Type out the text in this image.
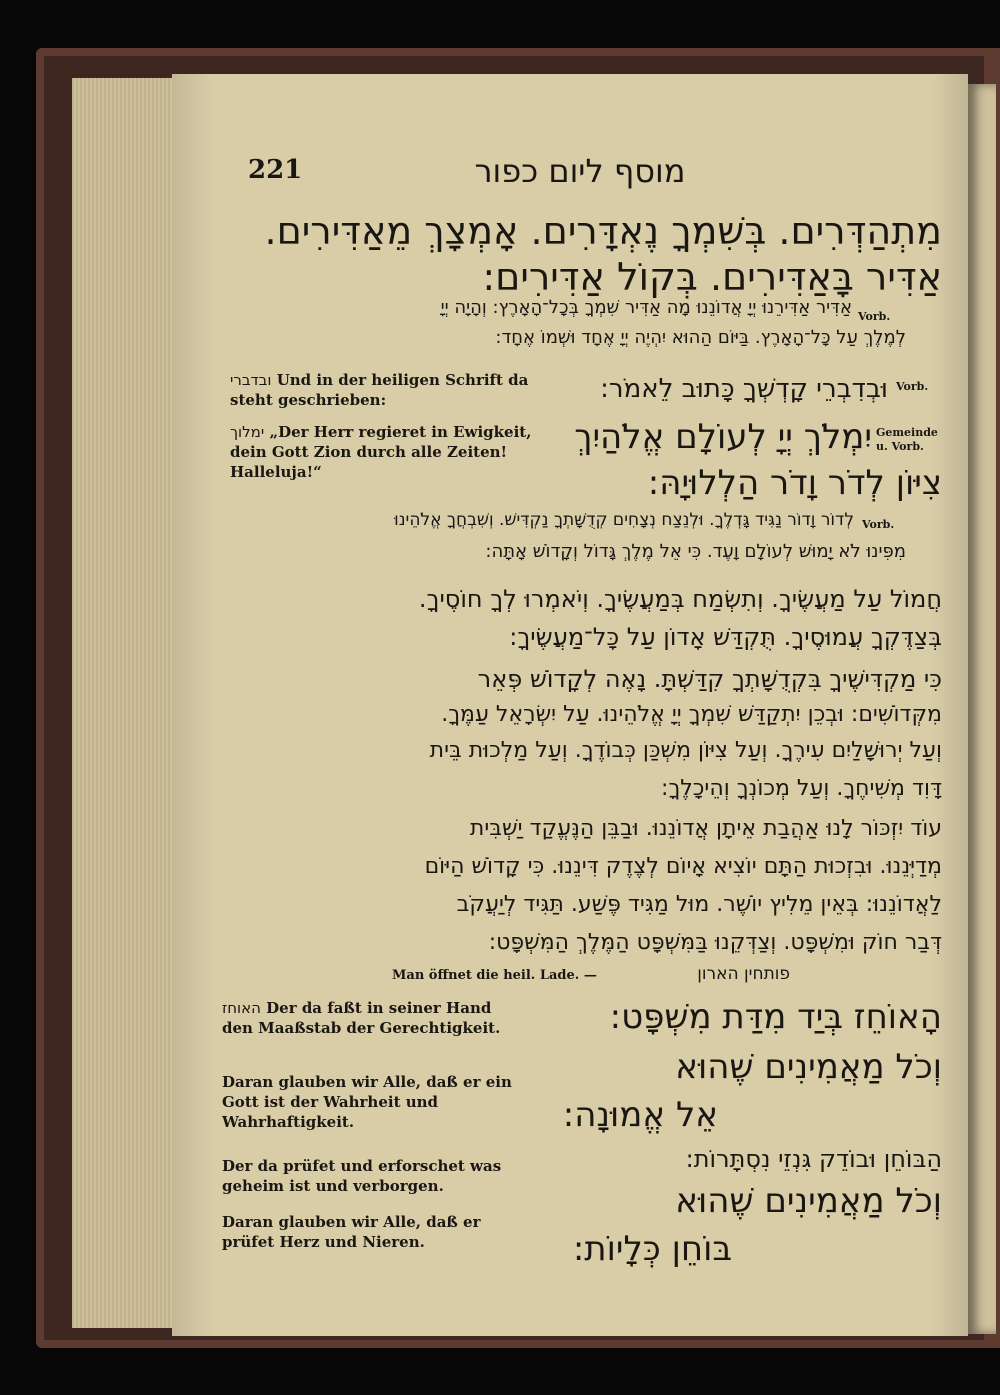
221	מוסף ליום כפור
מִתְהַדְּרִים. בְּשִׁמְךָ נֶאְדָּרִים. אָמְצָךְ מֵאַדִּירִים.
אַדִּיר בָּאַדִּירִים. בְּקוֹל אַדִּירִים:
Vorb.
אַדִּיר אַדִּירֵנוּ יְיָ אֲדוֹנֵנוּ מָה אַדִּיר שִׁמְךָ בְּכָל־הָאָרֶץ: וְהָיָה יְיָ
לְמֶלֶךְ עַל כָּל־הָאָרֶץ. בַּיּוֹם הַהוּא יִהְיֶה יְיָ אֶחָד וּשְׁמוֹ אֶחָד:
Vorb.
וּבְדִבְרֵי קָדְשְׁךָ כָּתוּב לֵאמֹר:
ובדברי Und in der heiligen Schrift da steht geschrieben:
Gemeinde
u. Vorb.
יִמְלֹךְ יְיָ לְעוֹלָם אֱלֹהַיִךְ
ימלוך „Der Herr regieret in Ewigkeit, dein Gott Zion durch alle Zeiten! Halleluja!“	צִיּוֹן לְדֹר וָדֹר הַלְלוּיָהּ:
Vorb.
לְדוֹר וָדוֹר נַגִּיד גָּדְלֶךָ. וּלְנֵצַח נְצָחִים קְדֻשָּׁתְךָ נַקְדִּישׁ. וְשִׁבְחֲךָ אֱלֹהֵינוּ
מִפִּינוּ לֹא יָמוּשׁ לְעוֹלָם וָעֶד. כִּי אֵל מֶלֶךְ גָּדוֹל וְקָדוֹשׁ אָתָּה:
חֲמוֹל עַל מַעֲשֶׂיךָ. וְתִשְׂמַח בְּמַעֲשֶׂיךָ. וְיֹאמְרוּ לְךָ חוֹסֶיךָ.
בְּצַדֶּקְךָ עֲמוּסֶיךָ. תֻּקְדַּשׁ אָדוֹן עַל כָּל־מַעֲשֶׂיךָ:
כִּי מַקְדִּישֶׁיךָ בִּקְדֻשָּׁתְךָ קִדַּשְׁתָּ. נָאֶה לְקָדוֹשׁ פְּאֵר
מִקְּדוֹשִׁים: וּבְכֵן יִתְקַדַּשׁ שִׁמְךָ יְיָ אֱלֹהֵינוּ. עַל יִשְׂרָאֵל עַמֶּךָ.
וְעַל יְרוּשָׁלַיִם עִירֶךָ. וְעַל צִיּוֹן מִשְׁכַּן כְּבוֹדֶךָ. וְעַל מַלְכוּת בֵּית
דָּוִד מְשִׁיחֶךָ. וְעַל מְכוֹנְךָ וְהֵיכָלֶךָ:
עוֹד יִזְכּוֹר לָנוּ אַהֲבַת אֵיתָן אֲדוֹנֵנוּ. וּבַבֵּן הַנֶּעֱקַד יַשְׁבִּית
מְדַיְּנֵנוּ. וּבִזְכוּת הַתָּם יוֹצִיא אָיוֹם לְצֶדֶק דִּינֵנוּ. כִּי קָדוֹשׁ הַיּוֹם
לַאֲדוֹנֵנוּ: בְּאֵין מֵלִיץ יוֹשֶׁר. מוּל מַגִּיד פֶּשַׁע. תַּגִּיד לְיַעֲקֹב
דְּבַר חוֹק וּמִשְׁפָּט. וְצַדְּקֵנוּ בַּמִּשְׁפָּט הַמֶּלֶךְ הַמִּשְׁפָּט:
Man öffnet die heil. Lade. —	פותחין הארון
האוחז Der da faßt in seiner Hand den Maaßstab der Gerechtigkeit.
Daran glauben wir Alle, daß er ein Gott ist der Wahrheit und Wahrhaftigkeit.
Der da prüfet und erforschet was geheim ist und verborgen.
Daran glauben wir Alle, daß er prüfet Herz und Nieren.
הָאוֹחֵז בְּיַד מִדַּת מִשְׁפָּט:
וְכֹל מַאֲמִינִים שֶׁהוּא
אֵל אֱמוּנָה:
הַבּוֹחֵן וּבוֹדֵק גִּנְזֵי נִסְתָּרוֹת:
וְכֹל מַאֲמִינִים שֶׁהוּא
בּוֹחֵן כְּלָיוֹת:
